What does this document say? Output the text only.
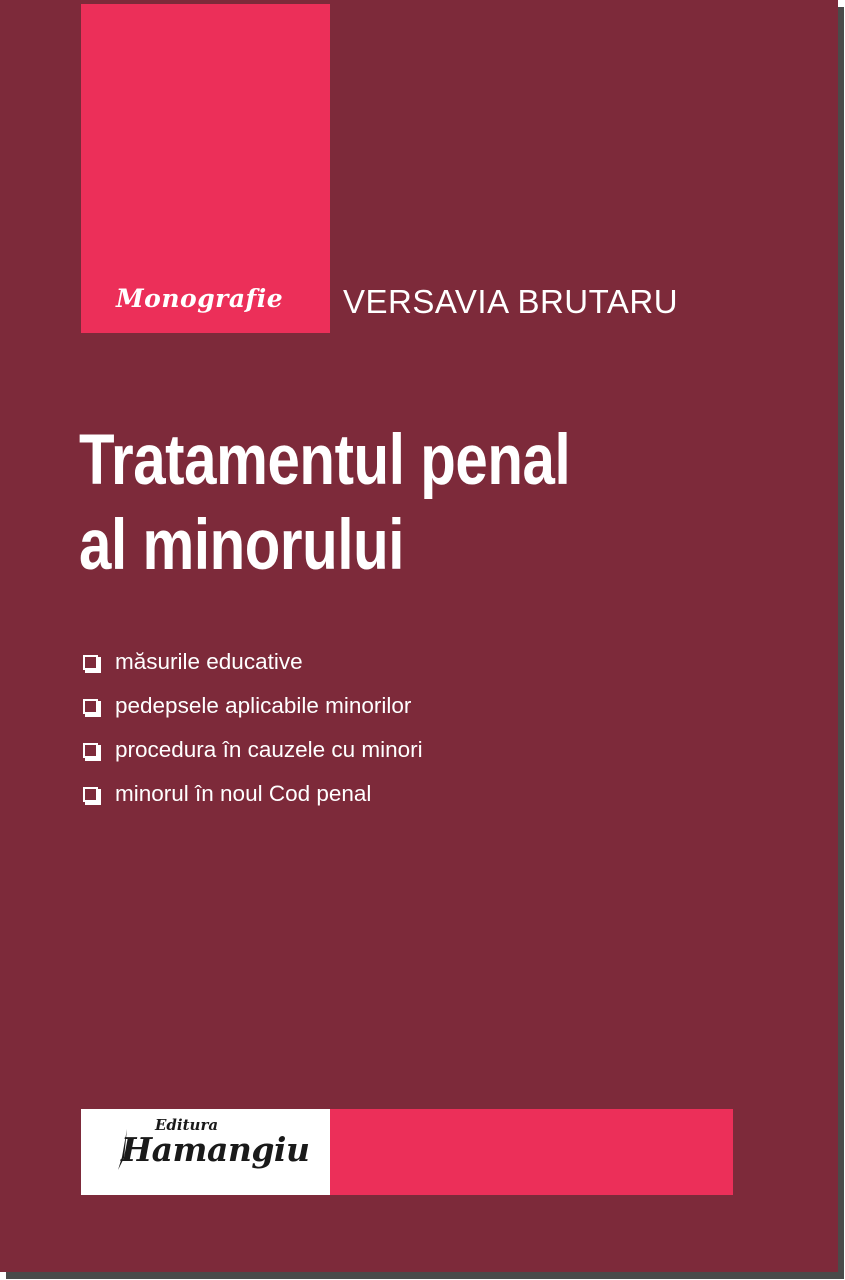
Monografie VERSAVIA BRUTARU
Tratamentul penal
al minorului
măsurile educative
pedepsele aplicabile minorilor
procedura în cauzele cu minori
minorul în noul Cod penal
Editura
Hamangiu
